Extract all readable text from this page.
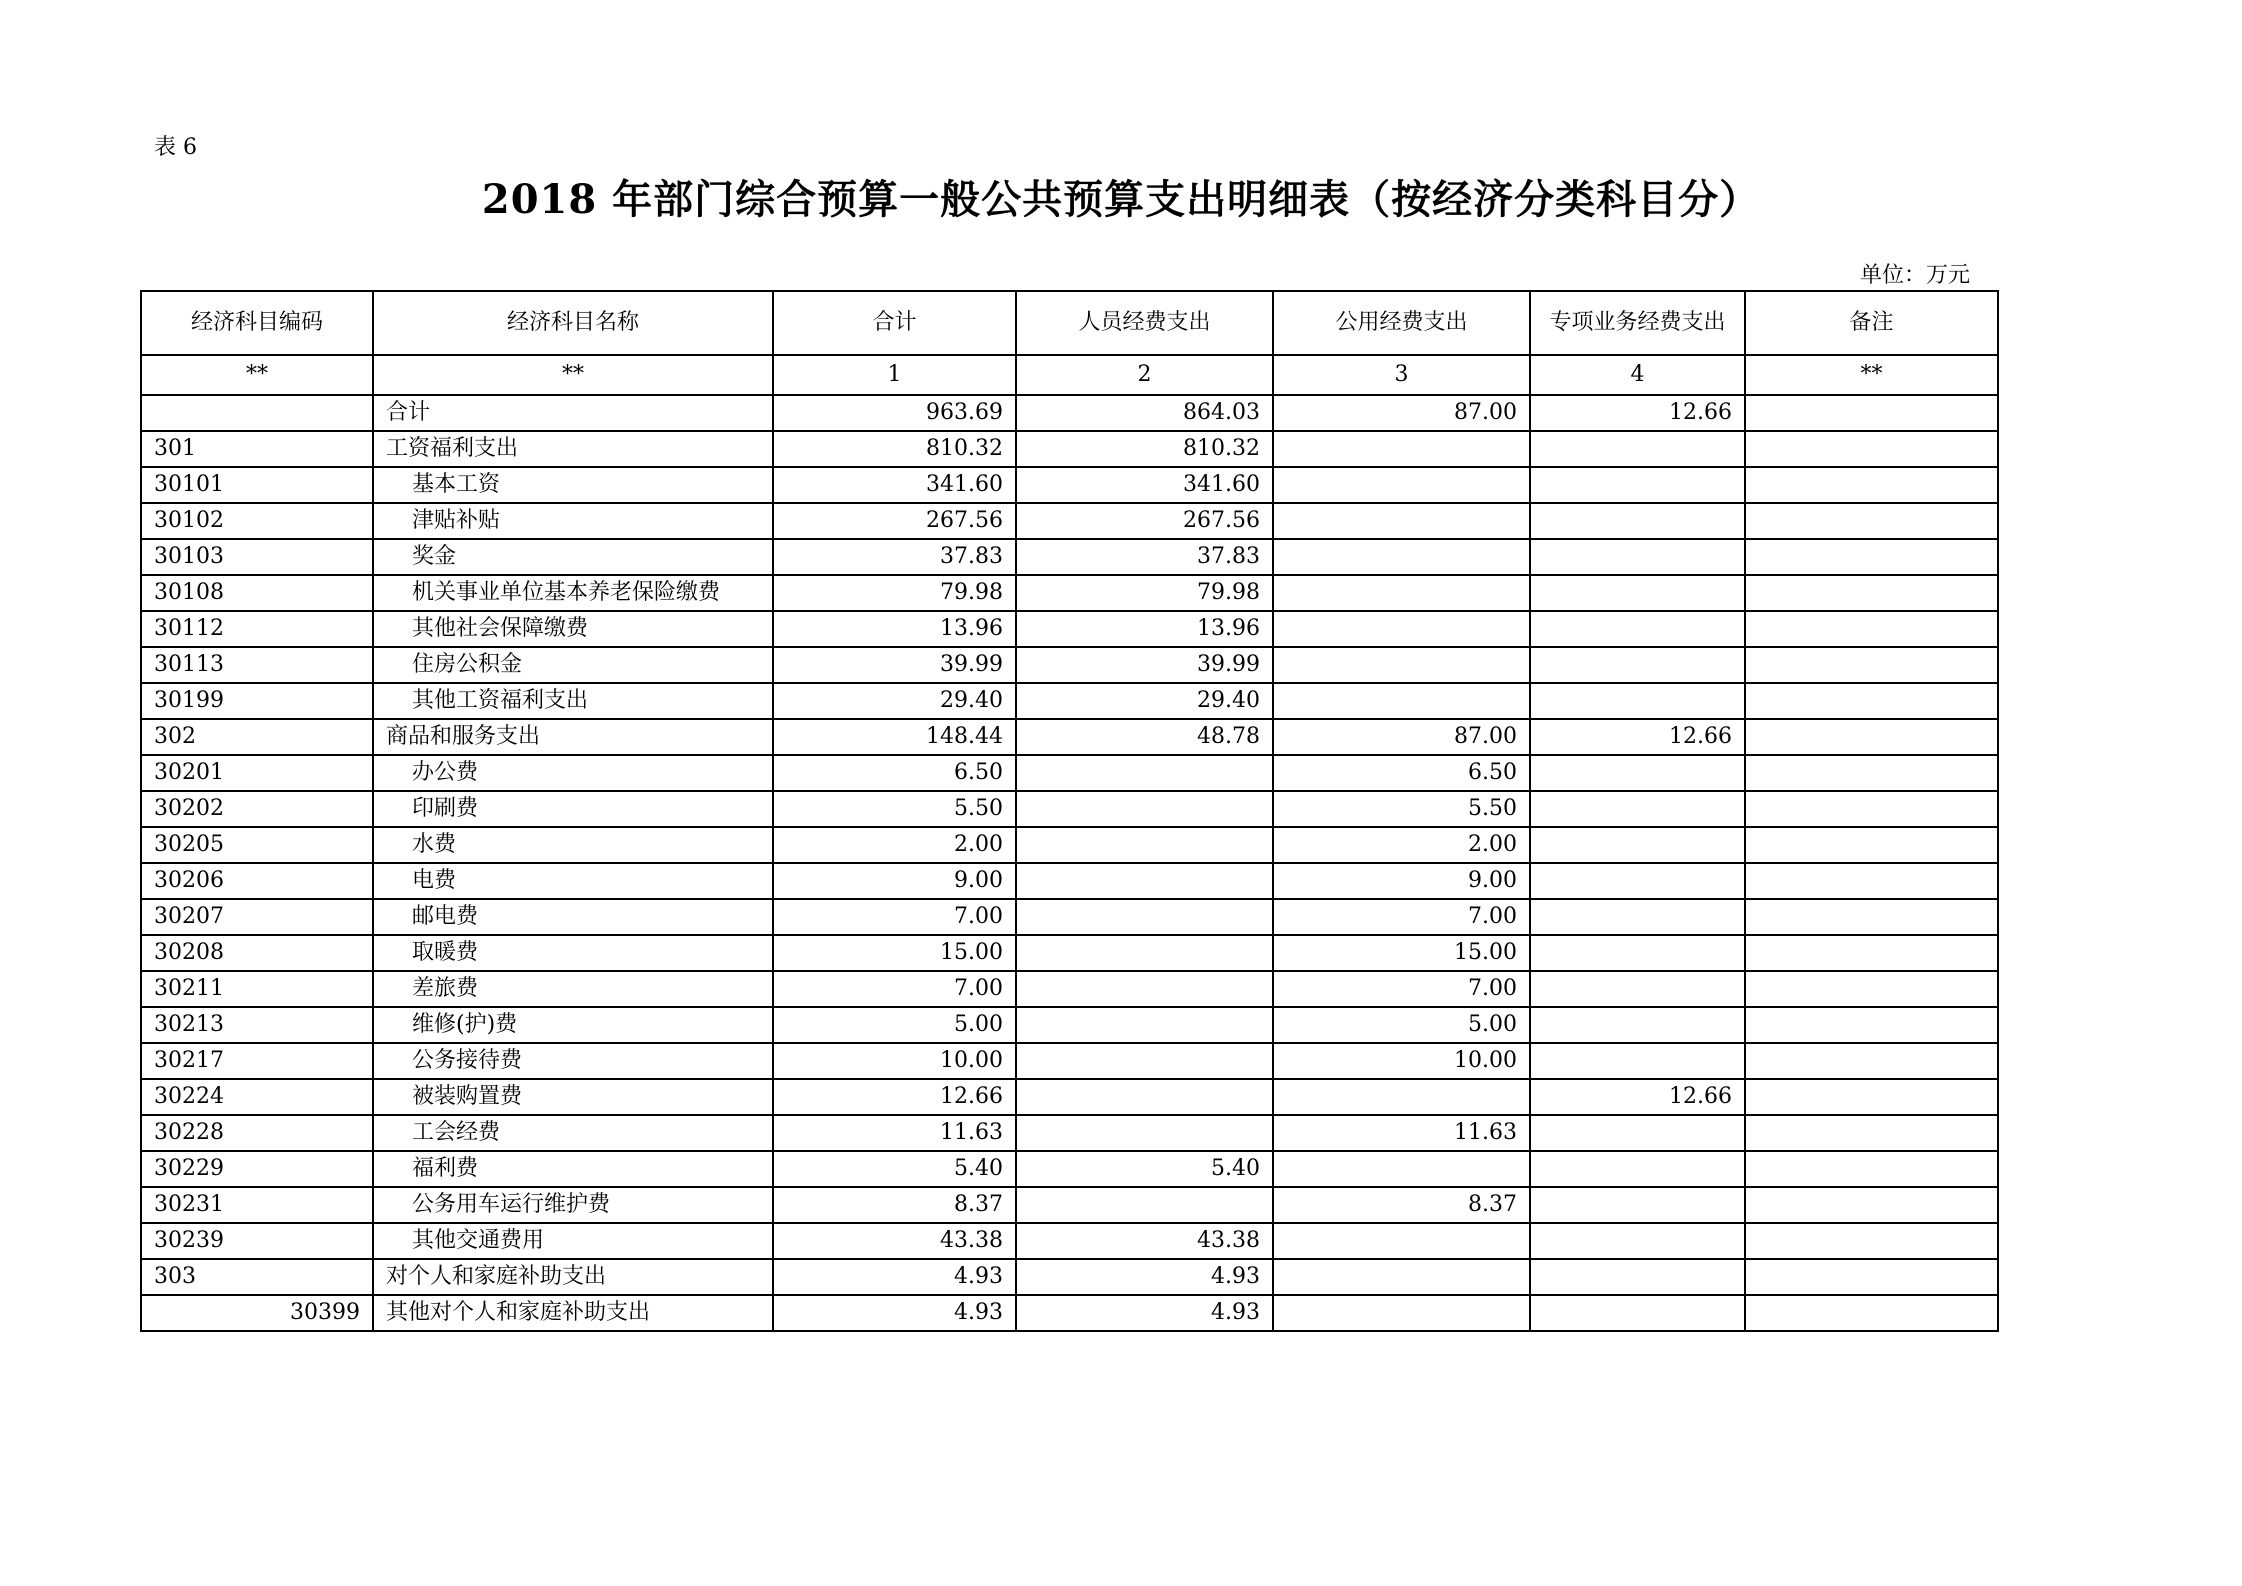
表 6
2018 年部门综合预算一般公共预算支出明细表（按经济分类科目分）
单位：万元
经济科目编码	经济科目名称	合计	人员经费支出	公用经费支出	专项业务经费支出	备注
**	**	1	2	3	4	**
	合计	963.69	864.03	87.00	12.66	
301	工资福利支出	810.32	810.32			
30101	基本工资	341.60	341.60			
30102	津贴补贴	267.56	267.56			
30103	奖金	37.83	37.83			
30108	机关事业单位基本养老保险缴费	79.98	79.98			
30112	其他社会保障缴费	13.96	13.96			
30113	住房公积金	39.99	39.99			
30199	其他工资福利支出	29.40	29.40			
302	商品和服务支出	148.44	48.78	87.00	12.66	
30201	办公费	6.50		6.50		
30202	印刷费	5.50		5.50		
30205	水费	2.00		2.00		
30206	电费	9.00		9.00		
30207	邮电费	7.00		7.00		
30208	取暖费	15.00		15.00		
30211	差旅费	7.00		7.00		
30213	维修(护)费	5.00		5.00		
30217	公务接待费	10.00		10.00		
30224	被装购置费	12.66			12.66	
30228	工会经费	11.63		11.63		
30229	福利费	5.40	5.40			
30231	公务用车运行维护费	8.37		8.37		
30239	其他交通费用	43.38	43.38			
303	对个人和家庭补助支出	4.93	4.93			
30399	其他对个人和家庭补助支出	4.93	4.93			
